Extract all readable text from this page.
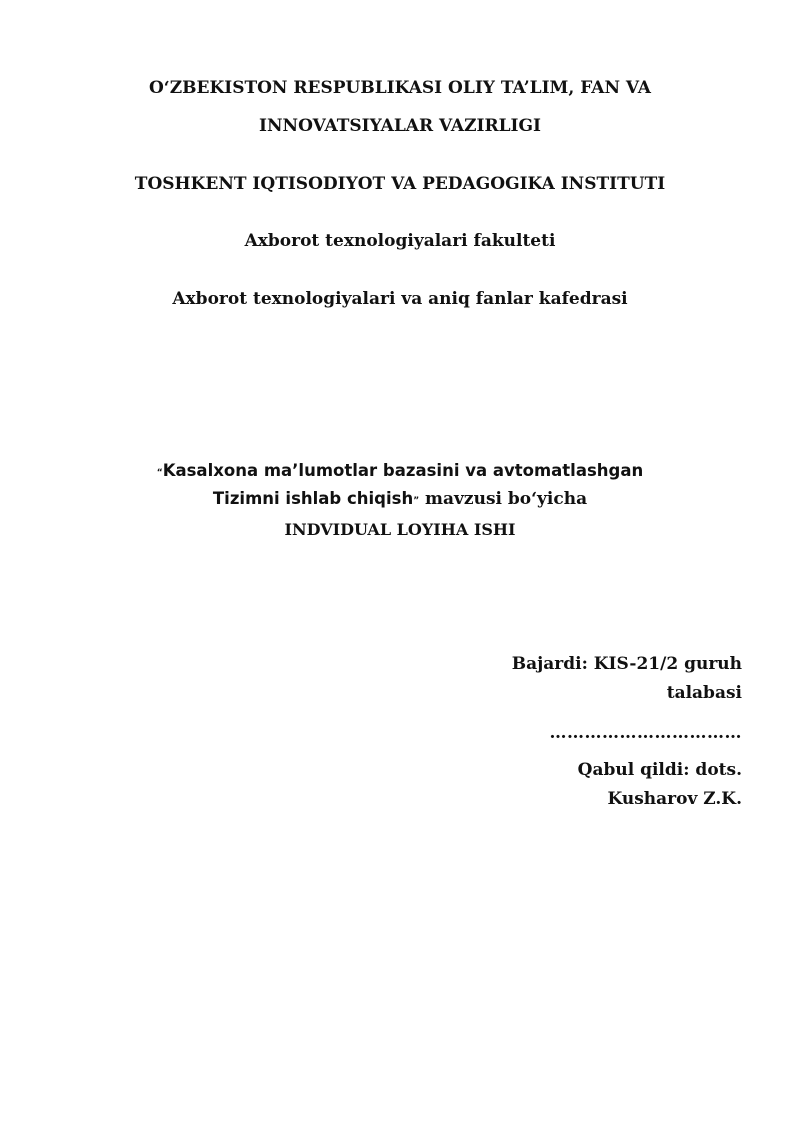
O‘ZBEKISTON RESPUBLIKASI OLIY TA’LIM, FAN VA
INNOVATSIYALAR VAZIRLIGI
TOSHKENT IQTISODIYOT VA PEDAGOGIKA INSTITUTI
Axborot texnologiyalari fakulteti
Axborot texnologiyalari va aniq fanlar kafedrasi
“Kasalxona ma’lumotlar bazasini va avtomatlashgan
Tizimni ishlab chiqish” mavzusi bo‘yicha
INDVIDUAL LOYIHA ISHI
Bajardi: KIS-21/2 guruh
talabasi
……………………………
Qabul qildi: dots.
Kusharov Z.K.
